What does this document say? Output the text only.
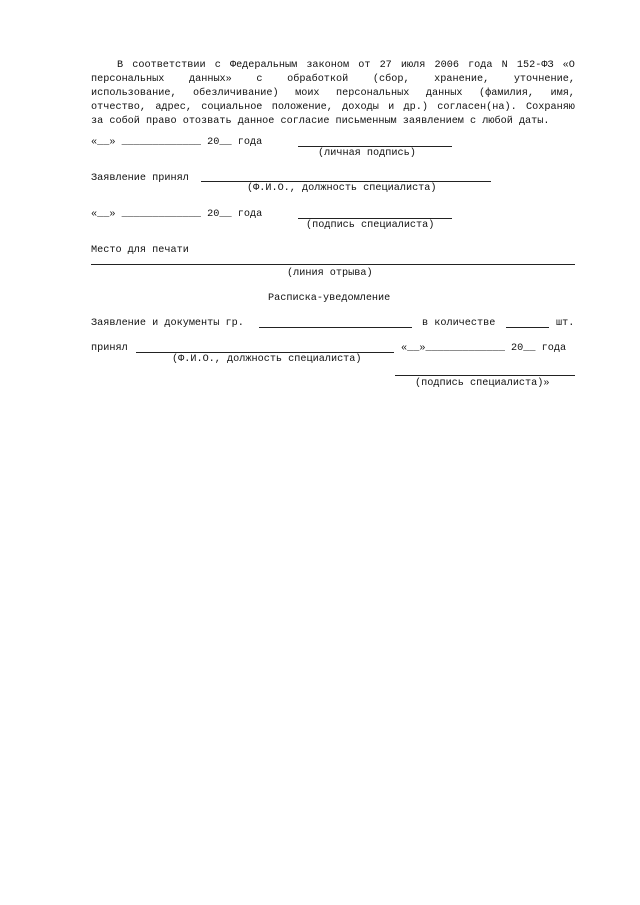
В соответствии с Федеральным законом от 27 июля 2006 года N 152-ФЗ «О
персональных данных» с обработкой (сбор, хранение, уточнение,
использование, обезличивание) моих персональных данных (фамилия, имя,
отчество, адрес, социальное положение, доходы и др.) согласен(на). Сохраняю
за собой право отозвать данное согласие письменным заявлением с любой даты.
«__» _____________ 20__ года
(личная подпись)
Заявление принял
(Ф.И.О., должность специалиста)
«__» _____________ 20__ года
(подпись специалиста)
Место для печати
(линия отрыва)
Расписка-уведомление
Заявление и документы гр.	в количестве	шт.
принял	«__»_____________ 20__ года
(Ф.И.О., должность специалиста)
(подпись специалиста)»
